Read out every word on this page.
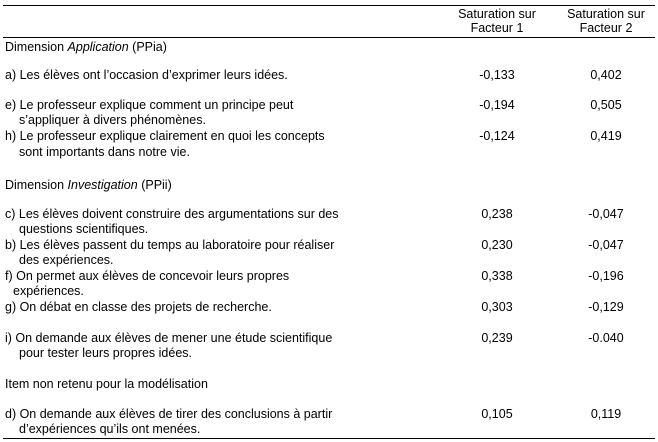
Saturation sur
Facteur 1
Saturation sur
Facteur 2
Dimension Application (PPia)
a) Les élèves ont l’occasion d’exprimer leurs idées.	-0,133	0,402
e) Le professeur explique comment un principe peut
s’appliquer à divers phénomènes.
-0,194	0,505
h) Le professeur explique clairement en quoi les concepts
sont importants dans notre vie.
-0,124	0,419
Dimension Investigation (PPii)
c) Les élèves doivent construire des argumentations sur des
questions scientifiques.
0,238	-0,047
b) Les élèves passent du temps au laboratoire pour réaliser
des expériences.
0,230	-0,047
f) On permet aux élèves de concevoir leurs propres
expériences.
0,338	-0,196
g) On débat en classe des projets de recherche.	0,303	-0,129
i) On demande aux élèves de mener une étude scientifique
pour tester leurs propres idées.
0,239	-0.040
Item non retenu pour la modélisation
d) On demande aux élèves de tirer des conclusions à partir
d’expériences qu’ils ont menées.
0,105	0,119
